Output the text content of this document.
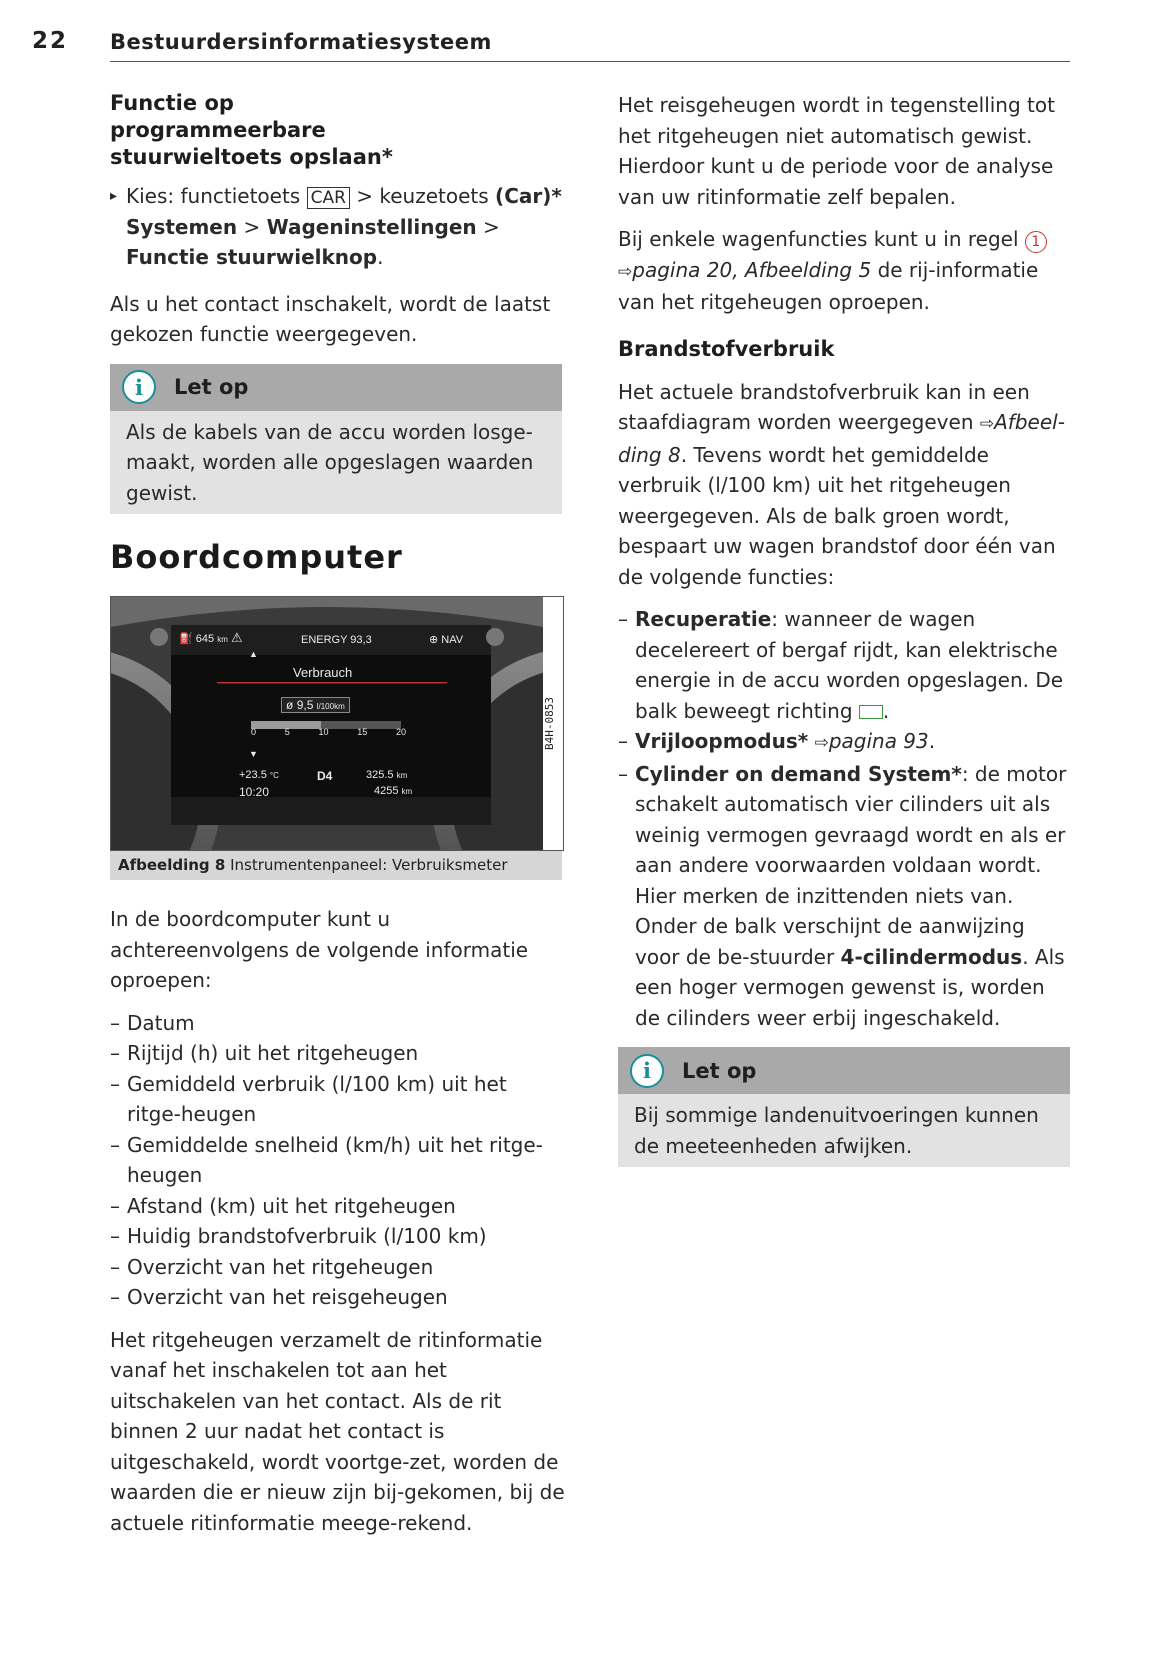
22 Bestuurdersinformatiesysteem

Functie op programmeerbare stuurwieltoets opslaan*

▸ Kies: functietoets CAR > keuzetoets (Car)* Systemen > Wageninstellingen > Functie stuurwielknop.

Als u het contact inschakelt, wordt de laatst gekozen functie weergegeven.

i	Let op
Als de kabels van de accu worden losge-maakt, worden alle opgeslagen waarden gewist.

Boordcomputer

⛽ 645 km ⚠	ENERGY 93,3	⊕ NAV
▲
Verbrauch
ø 9,5 l/100km
0	5	10	15	20
▼
+23.5 °C
10:20
D4	325.5 km
4255 km
B4H-0853
Afbeelding 8 Instrumentenpaneel: Verbruiksmeter

In de boordcomputer kunt u achtereenvolgens de volgende informatie oproepen:

– Datum
– Rijtijd (h) uit het ritgeheugen
– Gemiddeld verbruik (l/100 km) uit het ritge-heugen
– Gemiddelde snelheid (km/h) uit het ritge-heugen
– Afstand (km) uit het ritgeheugen
– Huidig brandstofverbruik (l/100 km)
– Overzicht van het ritgeheugen
– Overzicht van het reisgeheugen

Het ritgeheugen verzamelt de ritinformatie vanaf het inschakelen tot aan het uitschakelen van het contact. Als de rit binnen 2 uur nadat het contact is uitgeschakeld, wordt voortge-zet, worden de waarden die er nieuw zijn bij-gekomen, bij de actuele ritinformatie meege-rekend.

Het reisgeheugen wordt in tegenstelling tot het ritgeheugen niet automatisch gewist. Hierdoor kunt u de periode voor de analyse van uw ritinformatie zelf bepalen.

Bij enkele wagenfuncties kunt u in regel 1 ⇨pagina 20, Afbeelding 5 de rij-informatie van het ritgeheugen oproepen.

Brandstofverbruik

Het actuele brandstofverbruik kan in een staafdiagram worden weergegeven ⇨Afbeel-ding 8. Tevens wordt het gemiddelde verbruik (l/100 km) uit het ritgeheugen weergegeven. Als de balk groen wordt, bespaart uw wagen brandstof door één van de volgende functies:

– Recuperatie: wanneer de wagen decelereert of bergaf rijdt, kan elektrische energie in de accu worden opgeslagen. De balk beweegt richting .
– Vrijloopmodus* ⇨pagina 93.
– Cylinder on demand System*: de motor schakelt automatisch vier cilinders uit als weinig vermogen gevraagd wordt en als er aan andere voorwaarden voldaan wordt. Hier merken de inzittenden niets van. Onder de balk verschijnt de aanwijzing voor de be-stuurder 4-cilindermodus. Als een hoger vermogen gewenst is, worden de cilinders weer erbij ingeschakeld.
i	Let op
Bij sommige landenuitvoeringen kunnen de meeteenheden afwijken.
